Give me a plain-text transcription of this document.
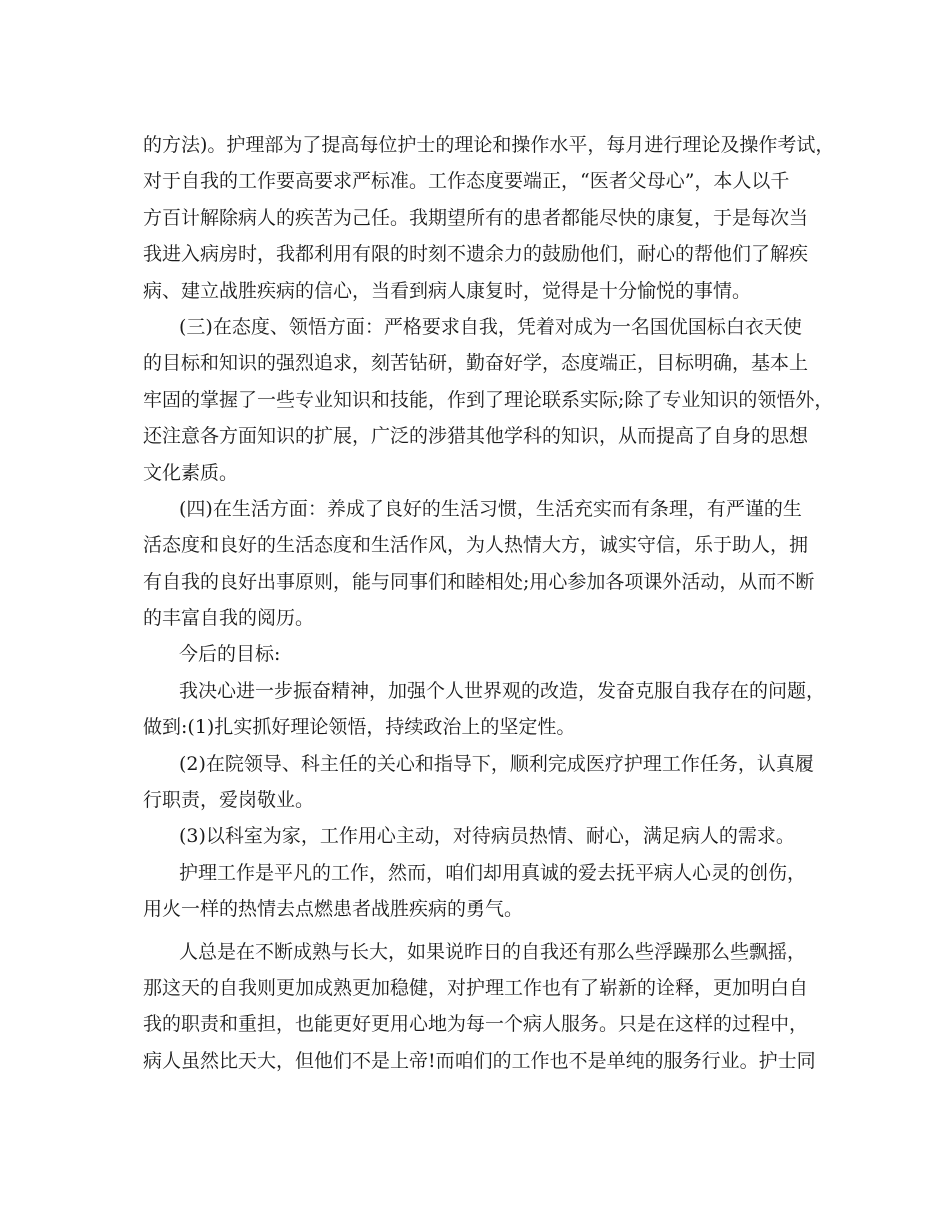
的方法)。护理部为了提高每位护士的理论和操作水平，每月进行理论及操作考试，
对于自我的工作要高要求严标准。工作态度要端正，“医者父母心”，本人以千
方百计解除病人的疾苦为己任。我期望所有的患者都能尽快的康复，于是每次当
我进入病房时，我都利用有限的时刻不遗余力的鼓励他们，耐心的帮他们了解疾
病、建立战胜疾病的信心，当看到病人康复时，觉得是十分愉悦的事情。
(三)在态度、领悟方面：严格要求自我，凭着对成为一名国优国标白衣天使
的目标和知识的强烈追求，刻苦钻研，勤奋好学，态度端正，目标明确，基本上
牢固的掌握了一些专业知识和技能，作到了理论联系实际;除了专业知识的领悟外，
还注意各方面知识的扩展，广泛的涉猎其他学科的知识，从而提高了自身的思想
文化素质。
(四)在生活方面：养成了良好的生活习惯，生活充实而有条理，有严谨的生
活态度和良好的生活态度和生活作风，为人热情大方，诚实守信，乐于助人，拥
有自我的良好出事原则，能与同事们和睦相处;用心参加各项课外活动，从而不断
的丰富自我的阅历。
今后的目标:
我决心进一步振奋精神，加强个人世界观的改造，发奋克服自我存在的问题，
做到:(1)扎实抓好理论领悟，持续政治上的坚定性。
(2)在院领导、科主任的关心和指导下，顺利完成医疗护理工作任务，认真履
行职责，爱岗敬业。
(3)以科室为家，工作用心主动，对待病员热情、耐心，满足病人的需求。
护理工作是平凡的工作，然而，咱们却用真诚的爱去抚平病人心灵的创伤，
用火一样的热情去点燃患者战胜疾病的勇气。
人总是在不断成熟与长大，如果说昨日的自我还有那么些浮躁那么些飘摇，
那这天的自我则更加成熟更加稳健，对护理工作也有了崭新的诠释，更加明白自
我的职责和重担，也能更好更用心地为每一个病人服务。只是在这样的过程中，
病人虽然比天大，但他们不是上帝!而咱们的工作也不是单纯的服务行业。护士同
